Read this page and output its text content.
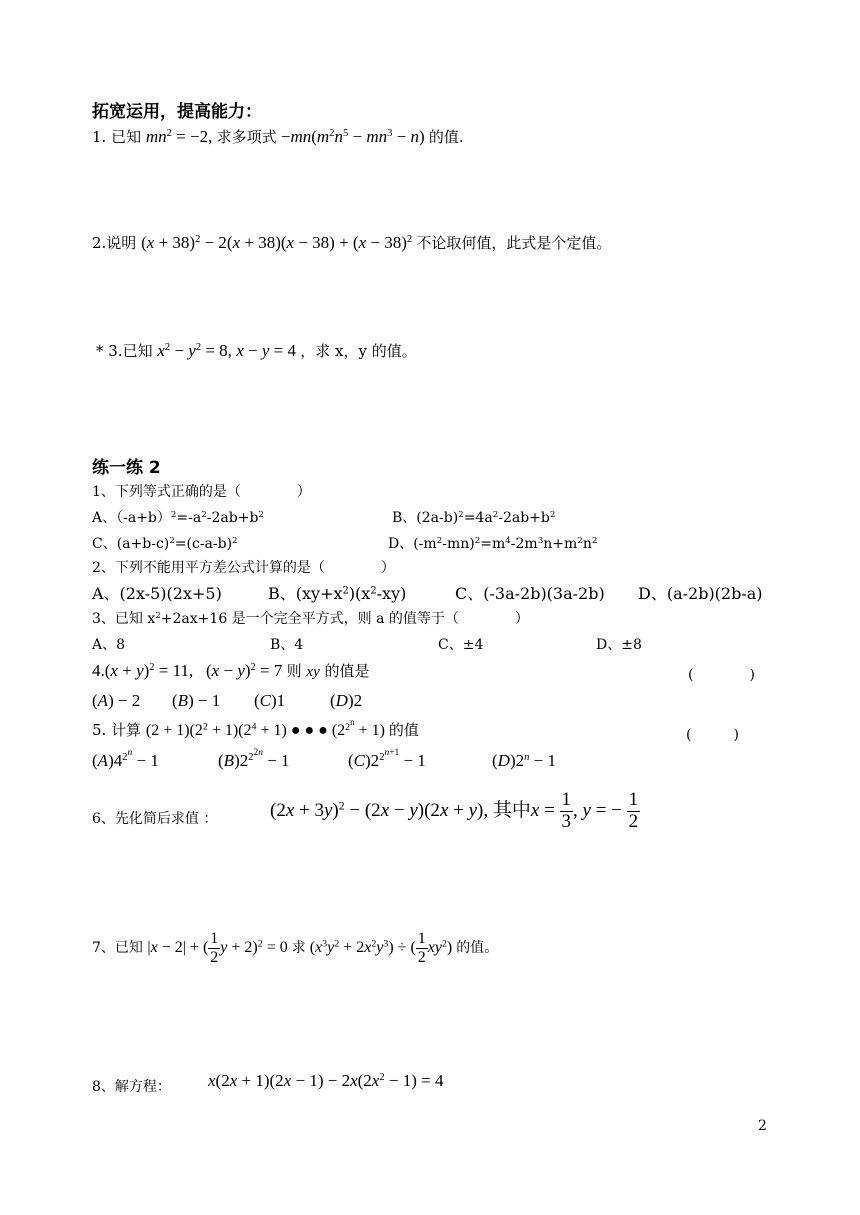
拓宽运用，提高能力：
1. 已知 $mn^2 = -2$, 求多项式 $-mn(m^2n^5 - mn^3 - n)$ 的值.
2.说明 $(x + 38)^2 - 2(x + 38)(x - 38) + (x - 38)^2$ 不论取何值，此式是个定值。
* 3.已知 $x^2 - y^2 = 8$, x − y = 4 ，求 x，y 的值。
练一练 2
1、下列等式正确的是（　　　　）
A、$(-a+b)^2=-a^2-2ab+b^2$	B、$(2a-b)^2=4a^2-2ab+b^2$
C、$(a+b-c)^2=(c-a-b)^2$	D、$(-m^2-mn)^2=m^4-2m^3n+m^2n^2$
2、下列不能用平方差公式计算的是（　　　　）
A、(2x-5)(2x+5)	B、$(xy+x^2)(x^2-xy)$	C、(-3a-2b)(3a-2b) D、(a-2b)(2b-a)
3、已知 $x^2+2ax+16$ 是一个完全平方式，则 a 的值等于（　　　　）
A、8	B、4	C、±4	D、±8
$4.(x + y)^2 = 11$,   $(x - y)^2 = 7$ 则 xy 的值是	(　　　　)
(A) − 2 (B) − 1 (C)1	(D)2
5. 计算 $(2 + 1)(2^2 + 1)(2^4 + 1)$ ● ● ● $(2^{2^n} + 1)$ 的值	(　　　)
$(A)4^{2^n} - 1$	$(B)2^{2^{2n}} - 1$	$(C)2^{2^{n+1}} - 1$	$(D)2^n - 1$
6、先化简后求值 ：	$(2x + 3y)^2 - (2x - y)(2x + y)$, 其中$x = \frac{1}{3}$ , y = − $\frac{1}{2}$
7、已知 |x − 2| + ( $\frac{1}{2}$ y + 2)$^2$ = 0 求 $(x^3y^2 + 2x^2y^3)$ ÷ ( $\frac{1}{2} xy^2$) 的值。
8、解方程： $x(2x + 1)(2x - 1) - 2x(2x^2 - 1) = 4$
2
